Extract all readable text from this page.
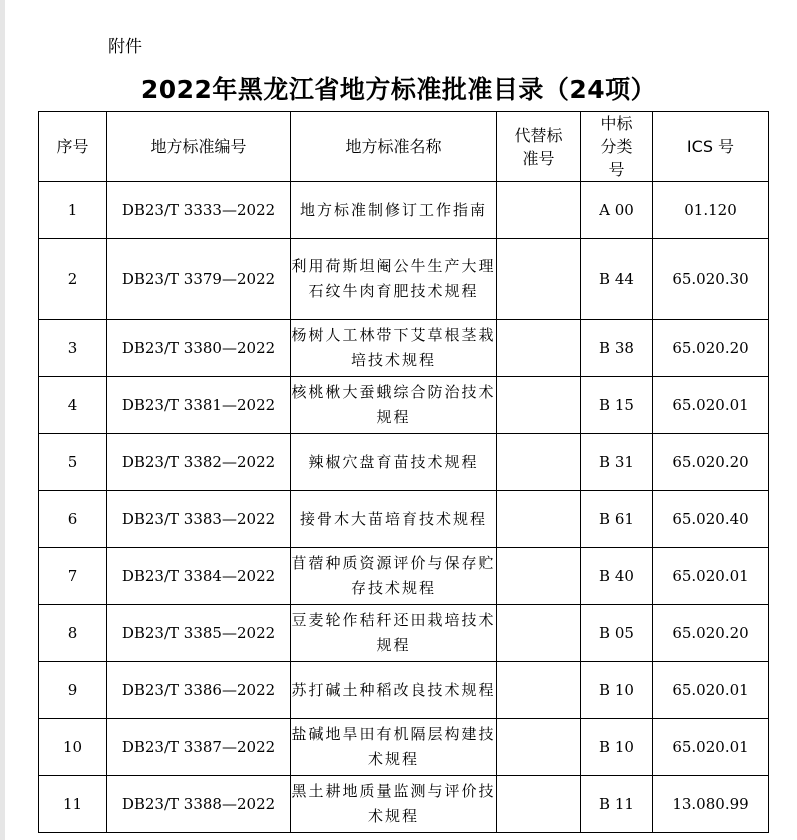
附件
2022年黑龙江省地方标准批准目录（24项）
序号	地方标准编号	地方标准名称	代替标准号	中标分类号	ICS 号
1	DB23/T 3333—2022	地方标准制修订工作指南		A 00	01.120
2	DB23/T 3379—2022	利用荷斯坦阉公牛生产大理石纹牛肉育肥技术规程		B 44	65.020.30
3	DB23/T 3380—2022	杨树人工林带下艾草根茎栽培技术规程		B 38	65.020.20
4	DB23/T 3381—2022	核桃楸大蚕蛾综合防治技术规程		B 15	65.020.01
5	DB23/T 3382—2022	辣椒穴盘育苗技术规程		B 31	65.020.20
6	DB23/T 3383—2022	接骨木大苗培育技术规程		B 61	65.020.40
7	DB23/T 3384—2022	苜蓿种质资源评价与保存贮存技术规程		B 40	65.020.01
8	DB23/T 3385—2022	豆麦轮作秸秆还田栽培技术规程		B 05	65.020.20
9	DB23/T 3386—2022	苏打碱土种稻改良技术规程		B 10	65.020.01
10	DB23/T 3387—2022	盐碱地旱田有机隔层构建技术规程		B 10	65.020.01
11	DB23/T 3388—2022	黑土耕地质量监测与评价技术规程		B 11	13.080.99
